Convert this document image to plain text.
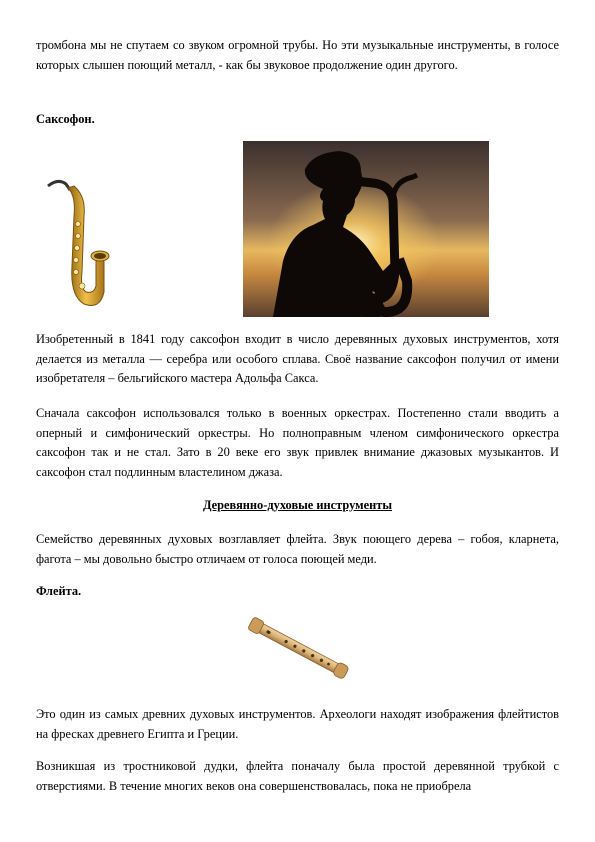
тромбона мы не спутаем со звуком огромной трубы. Но эти музыкальные инструменты, в голосе которых слышен поющий металл, - как бы звуковое продолжение один другого.

Саксофон.

Изобретенный в 1841 году саксофон входит в число деревянных духовых инструментов, хотя делается из металла — серебра или особого сплава. Своё название саксофон получил от имени изобретателя – бельгийского мастера Адольфа Сакса.

Сначала саксофон использовался только в военных оркестрах. Постепенно стали вводить а оперный и симфонический оркестры. Но полноправным членом симфонического оркестра саксофон так и не стал. Зато в 20 веке его звук привлек внимание джазовых музыкантов. И саксофон стал подлинным властелином джаза.

Деревянно-духовые инструменты

Семейство деревянных духовых возглавляет флейта. Звук поющего дерева – гобоя, кларнета, фагота – мы довольно быстро отличаем от голоса поющей меди.

Флейта.

Это один из самых древних духовых инструментов. Археологи находят изображения флейтистов на фресках древнего Египта и Греции.

Возникшая из тростниковой дудки, флейта поначалу была простой деревянной трубкой с отверстиями. В течение многих веков она совершенствовалась, пока не приобрела
